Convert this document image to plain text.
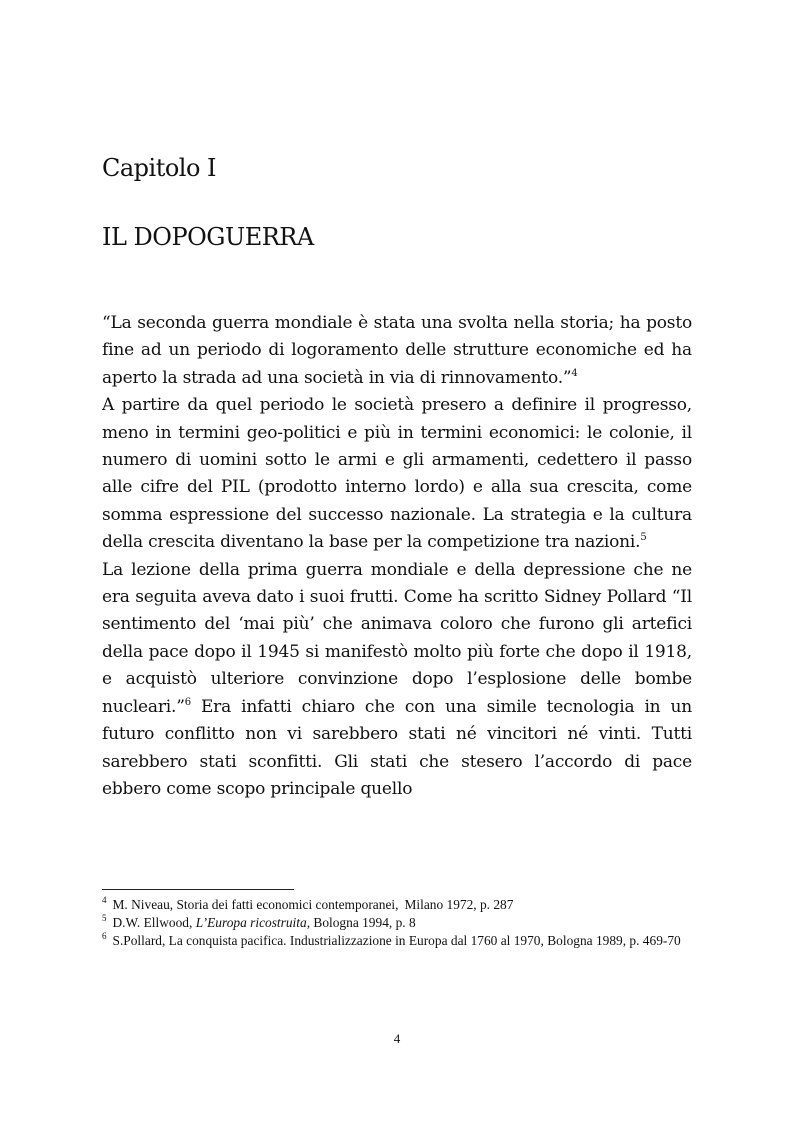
Capitolo I
IL DOPOGUERRA

“La seconda guerra mondiale è stata una svolta nella storia; ha posto fine ad un periodo di logoramento delle strutture economiche ed ha aperto la strada ad una società in via di rinnovamento.”$^4$

A partire da quel periodo le società presero a definire il progresso, meno in termini geo-politici e più in termini economici: le colonie, il numero di uomini sotto le armi e gli armamenti, cedettero il passo alle cifre del PIL (prodotto interno lordo) e alla sua crescita, come somma espressione del successo nazionale. La strategia e la cultura della crescita diventano la base per la competizione tra nazioni.$^5$

La lezione della prima guerra mondiale e della depressione che ne era seguita aveva dato i suoi frutti. Come ha scritto Sidney Pollard “Il sentimento del ‘mai più’ che animava coloro che furono gli artefici della pace dopo il 1945 si manifestò molto più forte che dopo il 1918, e acquistò ulteriore convinzione dopo l’esplosione delle bombe nucleari.”$^6$ Era infatti chiaro che con una simile tecnologia in un futuro conflitto non vi sarebbero stati né vincitori né vinti. Tutti sarebbero stati sconfitti. Gli stati che stesero l’accordo di pace ebbero come scopo principale quello

$^4$ M. Niveau, Storia dei fatti economici contemporanei, Milano 1972, p. 287

$^5$ D.W. Ellwood, L’Europa ricostruita, Bologna 1994, p. 8

$^6$ S.Pollard, La conquista pacifica. Industrializzazione in Europa dal 1760 al 1970, Bologna 1989, p. 469-70

4
